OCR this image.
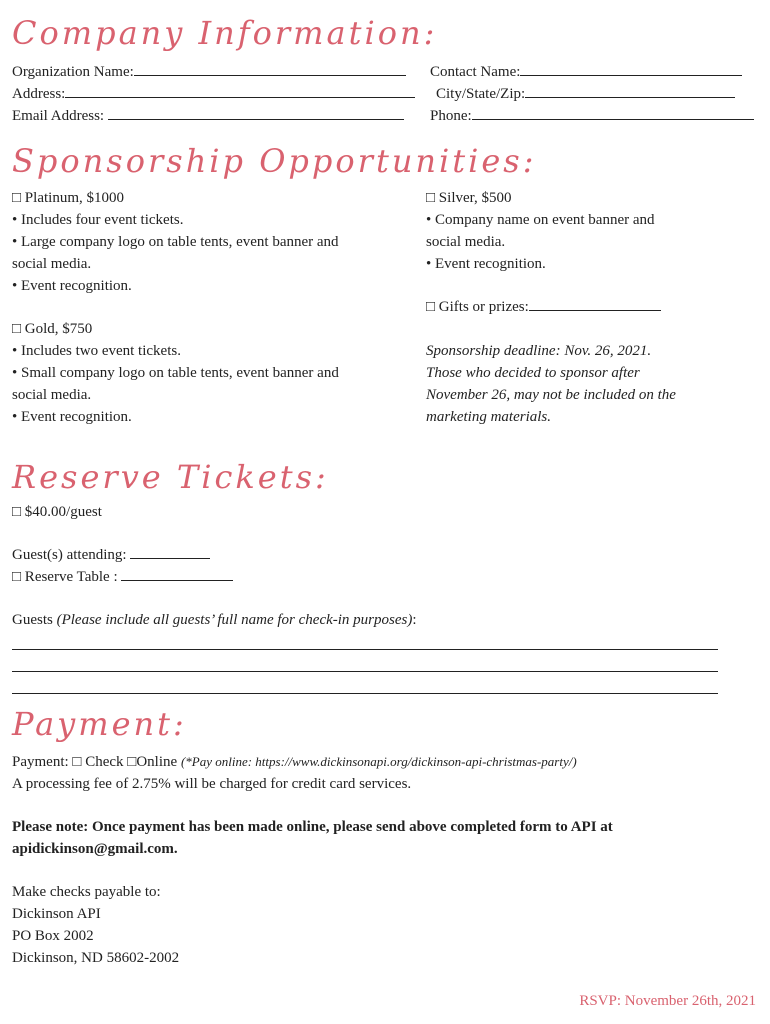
Company Information:
Organization Name:	Contact Name:
Address:	City/State/Zip:
Email Address:	Phone:
Sponsorship Opportunities:
□ Platinum, $1000
• Includes four event tickets.
• Large company logo on table tents, event banner and
social media.
• Event recognition.
□ Gold, $750
• Includes two event tickets.
• Small company logo on table tents, event banner and
social media.
• Event recognition.
□ Silver, $500
• Company name on event banner and
social media.
• Event recognition.
□ Gifts or prizes:
Sponsorship deadline: Nov. 26, 2021.
Those who decided to sponsor after
November 26, may not be included on the
marketing materials.
Reserve Tickets:
□ $40.00/guest
Guest(s) attending:
□ Reserve Table :
Guests (Please include all guests’ full name for check-in purposes):
Payment:
Payment: □ Check □Online (*Pay online: https://www.dickinsonapi.org/dickinson-api-christmas-party/)
A processing fee of 2.75% will be charged for credit card services.
Please note: Once payment has been made online, please send above completed form to API at
apidickinson@gmail.com.
Make checks payable to:
Dickinson API
PO Box 2002
Dickinson, ND 58602-2002
RSVP: November 26th, 2021
